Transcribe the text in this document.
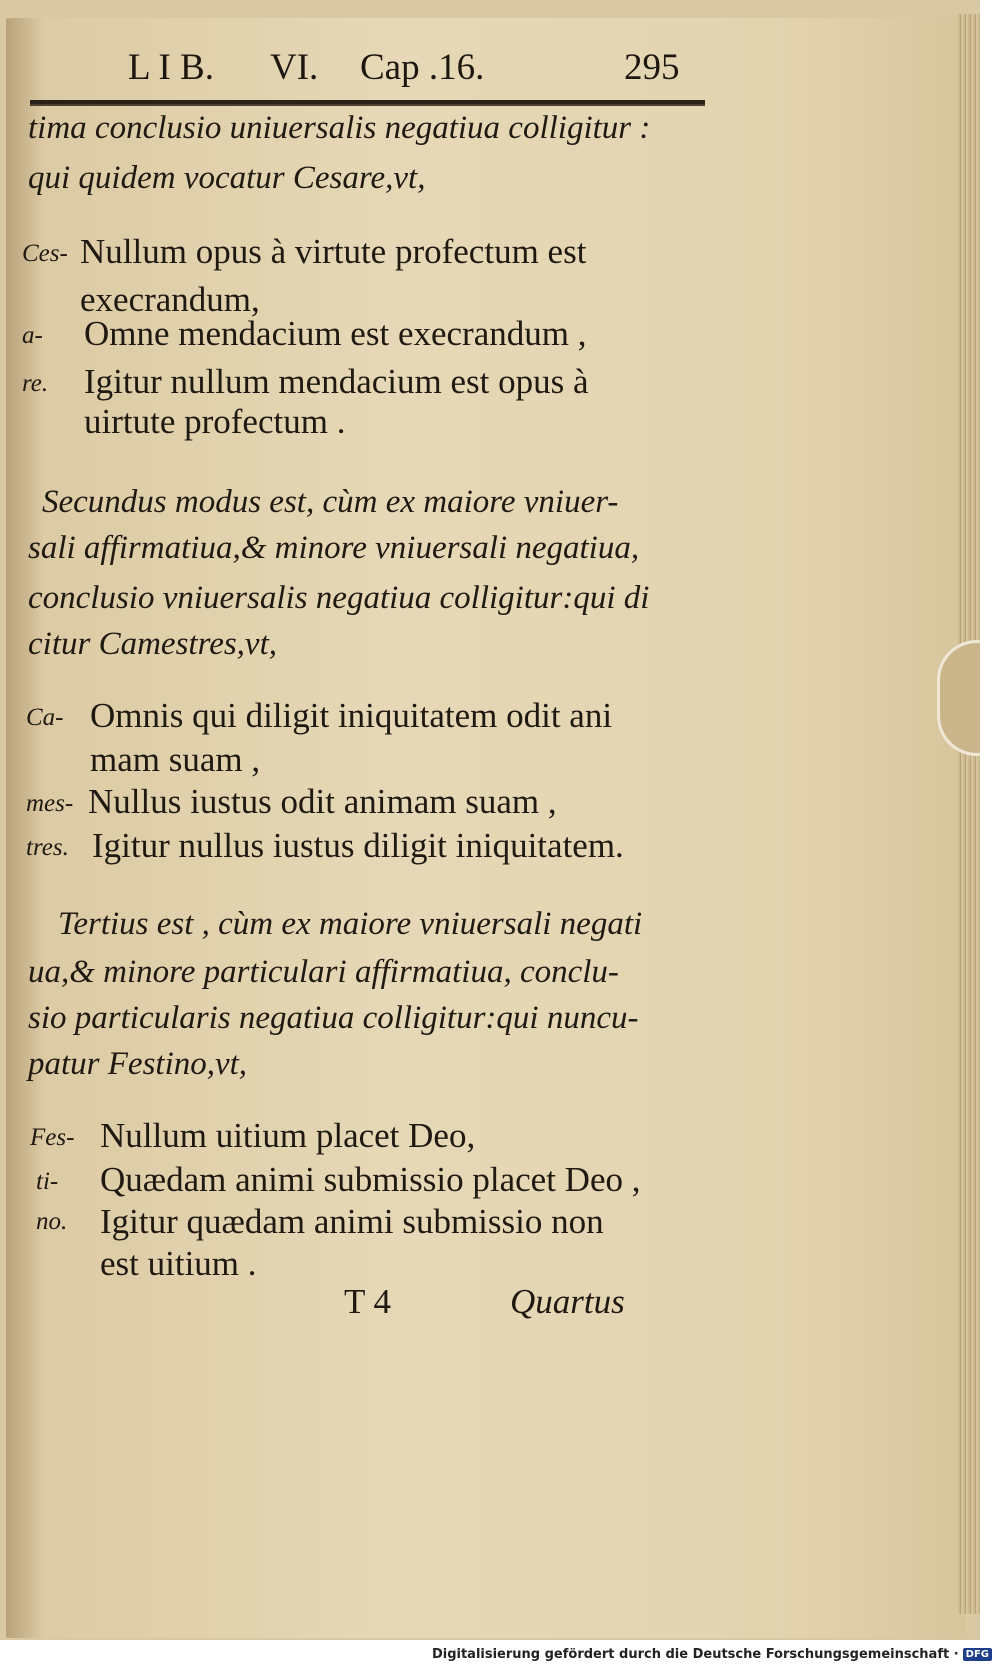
L I B. VI. Cap .16.	295
tima conclusio uniuersalis negatiua colligitur :
qui quidem vocatur Cesare,vt,
Ces- Nullum opus à virtute profectum est
execrandum,
a- Omne mendacium est execrandum ,
re. Igitur nullum mendacium est opus à
uirtute profectum .
Secundus modus est, cùm ex maiore vniuer-
sali affirmatiua,& minore vniuersali negatiua,
conclusio vniuersalis negatiua colligitur:qui di
citur Camestres,vt,
Ca- Omnis qui diligit iniquitatem odit ani
mam suam ,
mes- Nullus iustus odit animam suam ,
tres. Igitur nullus iustus diligit iniquitatem.
Tertius est , cùm ex maiore vniuersali negati
ua,& minore particulari affirmatiua, conclu-
sio particularis negatiua colligitur:qui nuncu-
patur Festino,vt,
Fes- Nullum uitium placet Deo,
ti- Quædam animi submissio placet Deo ,
no. Igitur quædam animi submissio non
est uitium .
T 4	Quartus
Digitalisierung gefördert durch die Deutsche Forschungsgemeinschaft · DFG
